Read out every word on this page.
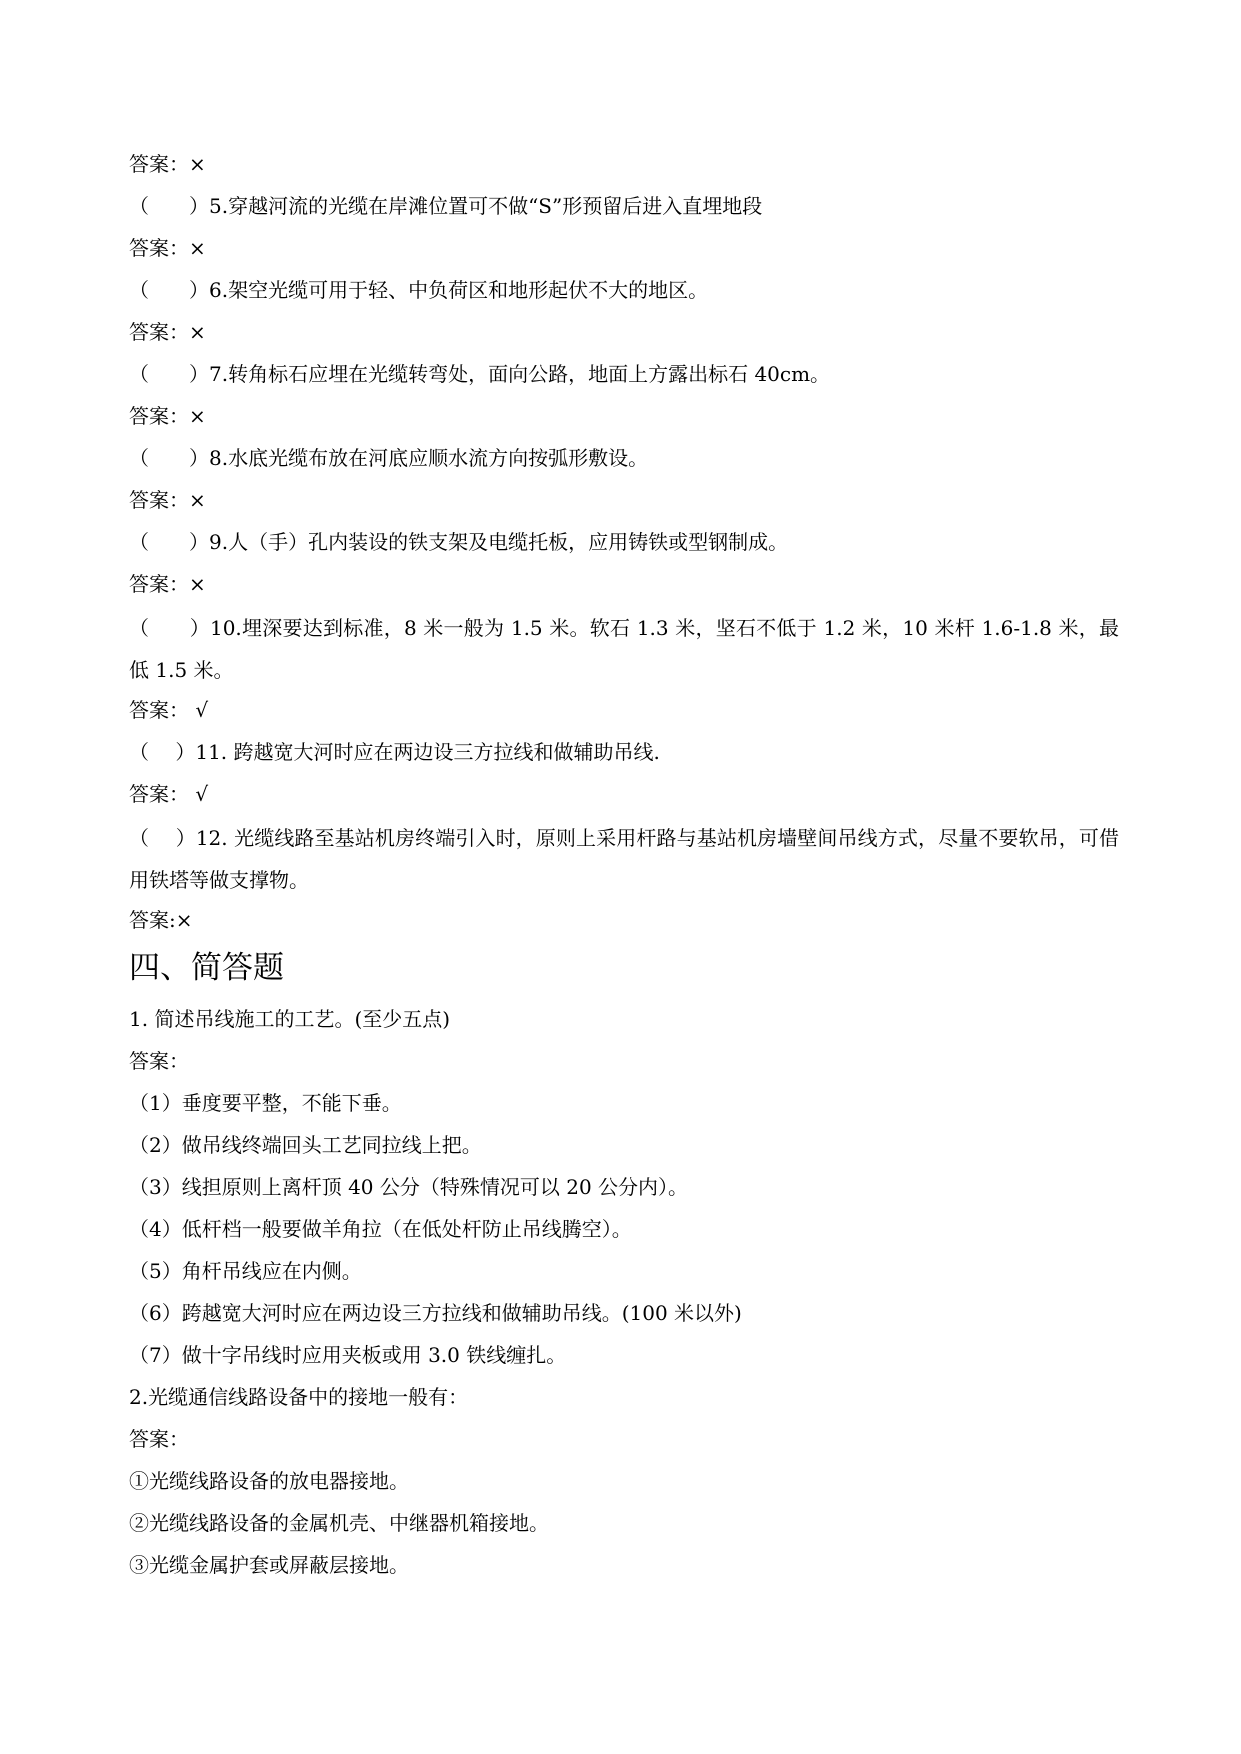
答案：×
（　　）5.穿越河流的光缆在岸滩位置可不做“S”形预留后进入直埋地段
答案：×
（　　）6.架空光缆可用于轻、中负荷区和地形起伏不大的地区。
答案：×
（　　）7.转角标石应埋在光缆转弯处，面向公路，地面上方露出标石 40cm。
答案：×
（　　）8.水底光缆布放在河底应顺水流方向按弧形敷设。
答案：×
（　　）9.人（手）孔内装设的铁支架及电缆托板，应用铸铁或型钢制成。
答案：×
（　　）10.埋深要达到标准，8 米一般为 1.5 米。软石 1.3 米，坚石不低于 1.2 米，10 米杆 1.6-1.8 米，最低 1.5 米。
答案： √
（　 ）11. 跨越宽大河时应在两边设三方拉线和做辅助吊线.
答案： √
（　 ）12. 光缆线路至基站机房终端引入时，原则上采用杆路与基站机房墙壁间吊线方式，尽量不要软吊，可借用铁塔等做支撑物。
答案:×
四、简答题
1. 简述吊线施工的工艺。(至少五点)
答案：
（1）垂度要平整，不能下垂。
（2）做吊线终端回头工艺同拉线上把。
（3）线担原则上离杆顶 40 公分（特殊情况可以 20 公分内）。
（4）低杆档一般要做羊角拉（在低处杆防止吊线腾空）。
（5）角杆吊线应在内侧。
（6）跨越宽大河时应在两边设三方拉线和做辅助吊线。(100 米以外)
（7）做十字吊线时应用夹板或用 3.0 铁线缠扎。
2.光缆通信线路设备中的接地一般有：
答案：
①光缆线路设备的放电器接地。
②光缆线路设备的金属机壳、中继器机箱接地。
③光缆金属护套或屏蔽层接地。
